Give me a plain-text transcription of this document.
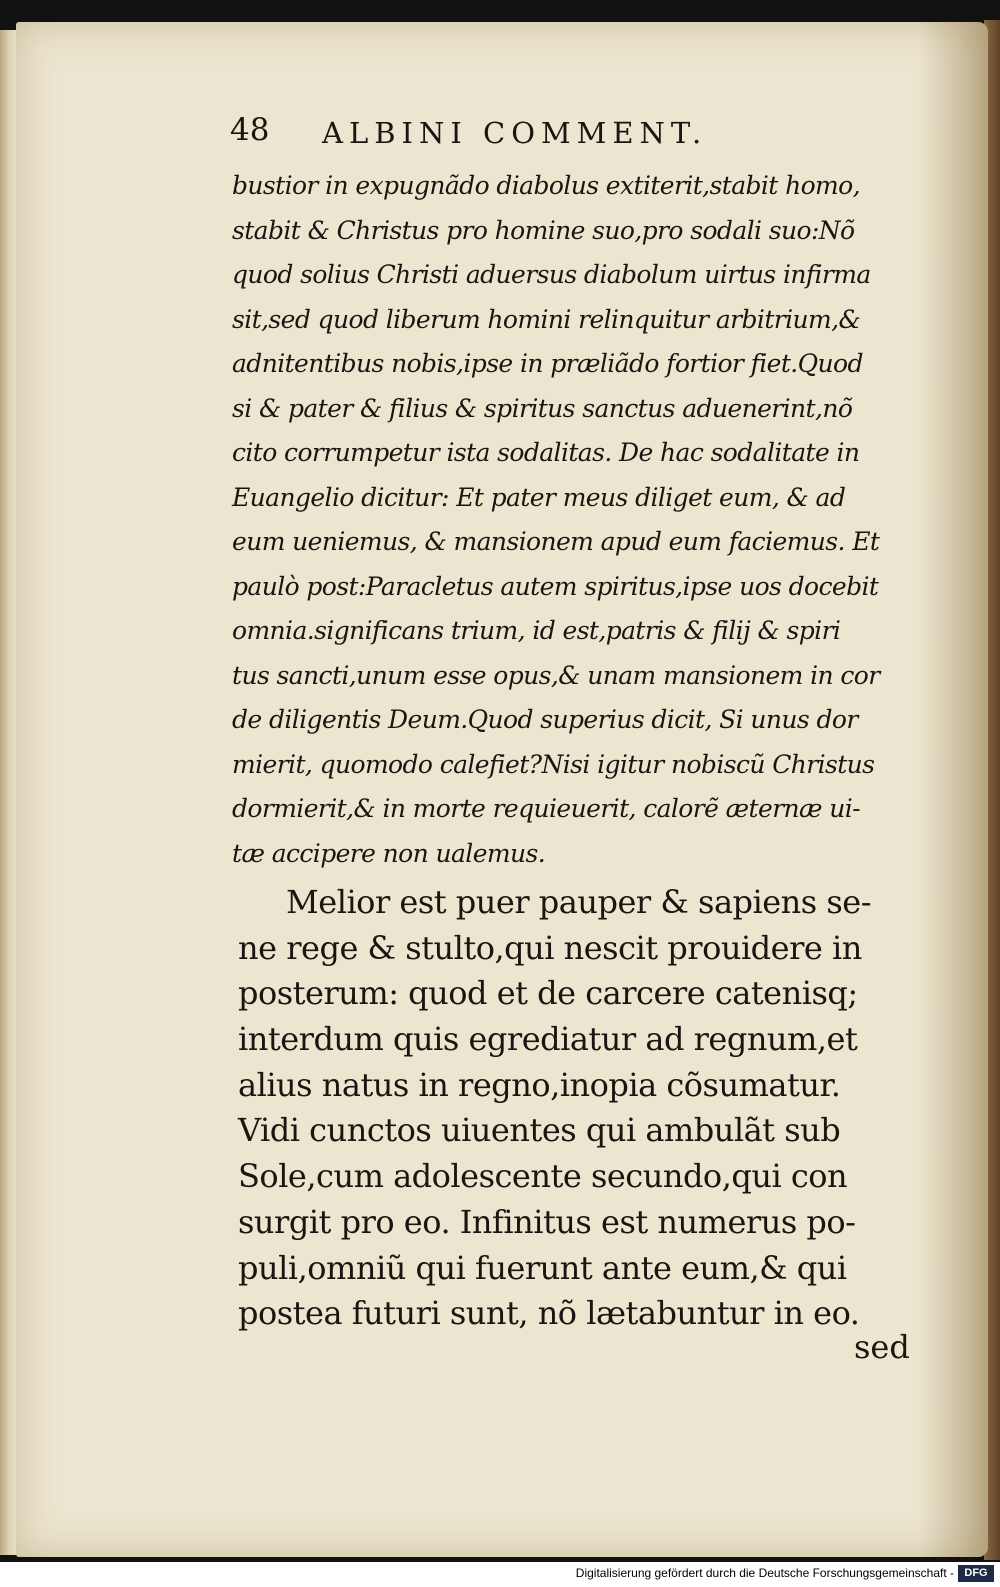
48 ALBINI COMMENT.
bustior in expugnãdo diabolus extiterit,stabit homo,
stabit & Christus pro homine suo,pro sodali suo:Nõ
quod solius Christi aduersus diabolum uirtus infirma
sit,sed quod liberum homini relinquitur arbitrium,&
adnitentibus nobis,ipse in præliãdo fortior fiet.Quod
si & pater & filius & spiritus sanctus aduenerint,nõ
cito corrumpetur ista sodalitas. De hac sodalitate in
Euangelio dicitur: Et pater meus diliget eum, & ad
eum ueniemus, & mansionem apud eum faciemus. Et
paulò post:Paracletus autem spiritus,ipse uos docebit
omnia.significans trium, id est,patris & filij & spiri
tus sancti,unum esse opus,& unam mansionem in cor
de diligentis Deum.Quod superius dicit, Si unus dor
mierit, quomodo calefiet?Nisi igitur nobiscũ Christus
dormierit,& in morte requieuerit, calorẽ æternæ ui-
tæ accipere non ualemus.
Melior est puer pauper & sapiens se-
ne rege & stulto,qui nescit prouidere in
posterum: quod et de carcere catenisq;
interdum quis egrediatur ad regnum,et
alius natus in regno,inopia cõsumatur.
Vidi cunctos uiuentes qui ambulãt sub
Sole,cum adolescente secundo,qui con
surgit pro eo. Infinitus est numerus po-
puli,omniũ qui fuerunt ante eum,& qui
postea futuri sunt, nõ lætabuntur in eo.
sed
Digitalisierung gefördert durch die Deutsche Forschungsgemeinschaft - DFG
